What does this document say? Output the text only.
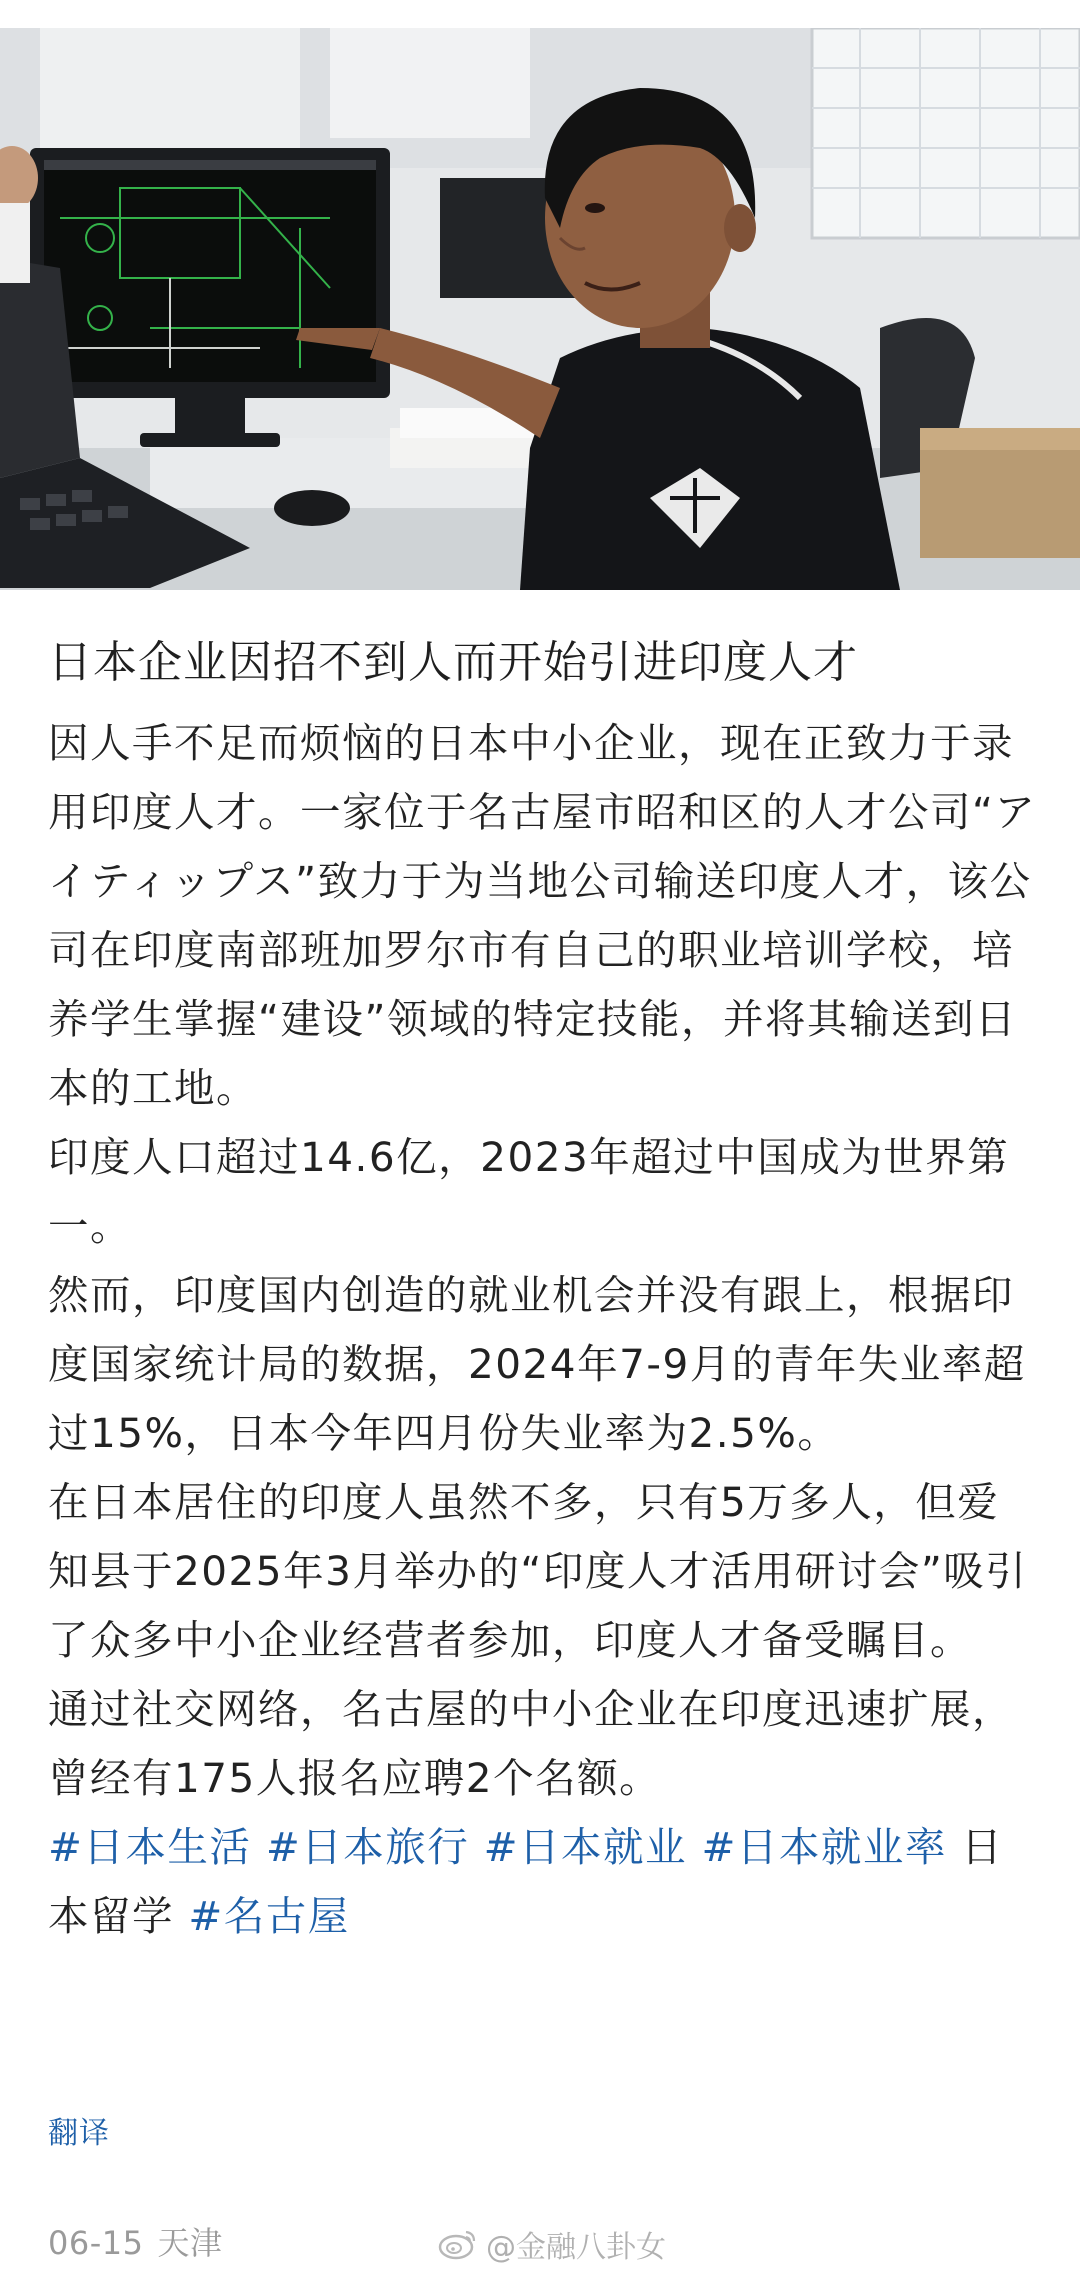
日本企业因招不到人而开始引进印度人才

因人手不足而烦恼的日本中小企业，现在正致力于录用印度人才。一家位于名古屋市昭和区的人才公司“アイティップス”致力于为当地公司输送印度人才，该公司在印度南部班加罗尔市有自己的职业培训学校，培养学生掌握“建设”领域的特定技能，并将其输送到日本的工地。

印度人口超过14.6亿，2023年超过中国成为世界第一。

然而，印度国内创造的就业机会并没有跟上，根据印度国家统计局的数据，2024年7-9月的青年失业率超过15%，日本今年四月份失业率为2.5%。

在日本居住的印度人虽然不多，只有5万多人，但爱知县于2025年3月举办的“印度人才活用研讨会”吸引了众多中小企业经营者参加，印度人才备受瞩目。

通过社交网络，名古屋的中小企业在印度迅速扩展，曾经有175人报名应聘2个名额。

#日本生活 #日本旅行 #日本就业 #日本就业率 日本留学 #名古屋

翻译
06-15 天津	@金融八卦女
